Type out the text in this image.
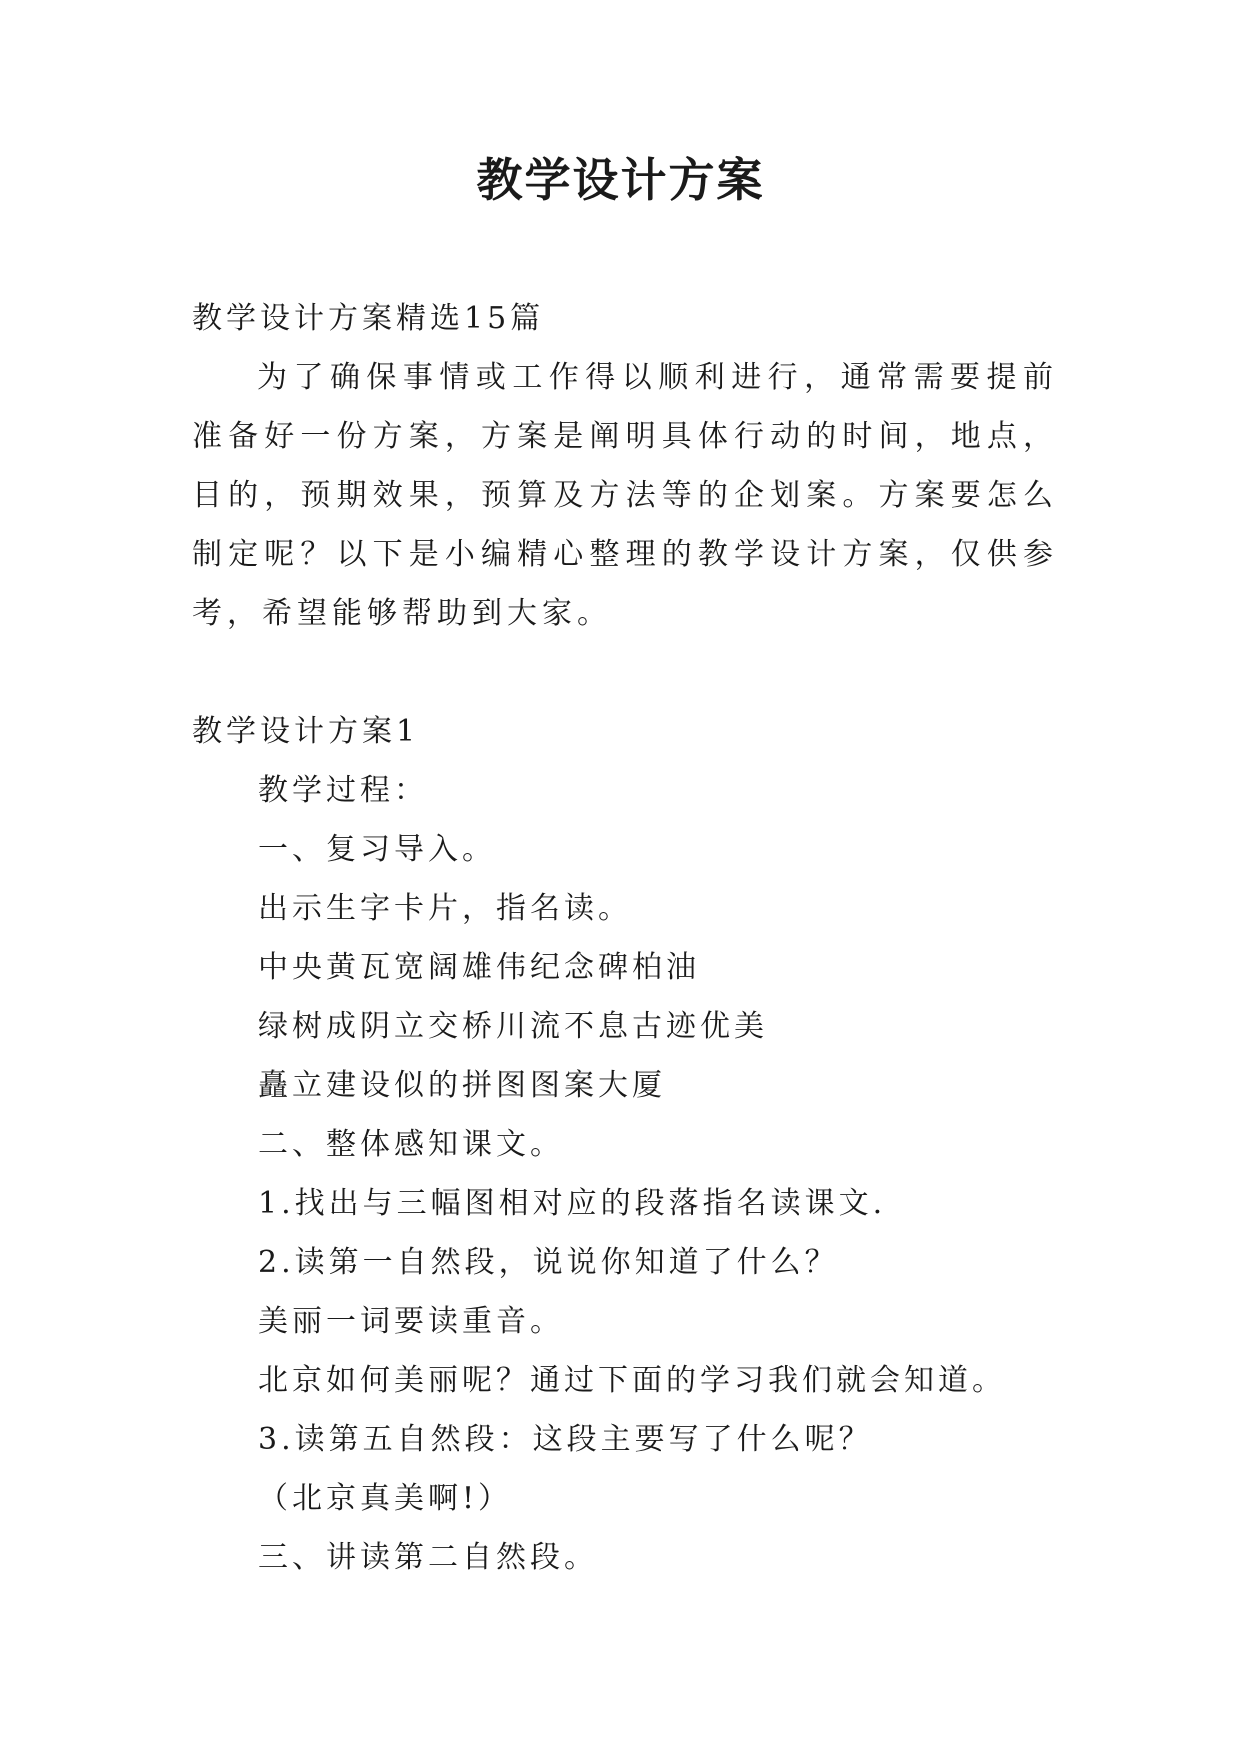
教学设计方案

教学设计方案精选15篇

为了确保事情或工作得以顺利进行，通常需要提前准备好一份方案，方案是阐明具体行动的时间，地点，目的，预期效果，预算及方法等的企划案。方案要怎么制定呢？以下是小编精心整理的教学设计方案，仅供参考，希望能够帮助到大家。

教学设计方案1

教学过程：

一、复习导入。

出示生字卡片，指名读。

中央黄瓦宽阔雄伟纪念碑柏油

绿树成阴立交桥川流不息古迹优美

矗立建设似的拼图图案大厦

二、整体感知课文。

1.找出与三幅图相对应的段落指名读课文.

2.读第一自然段，说说你知道了什么？

美丽一词要读重音。

北京如何美丽呢？通过下面的学习我们就会知道。

3.读第五自然段：这段主要写了什么呢？

（北京真美啊!）

三、讲读第二自然段。
